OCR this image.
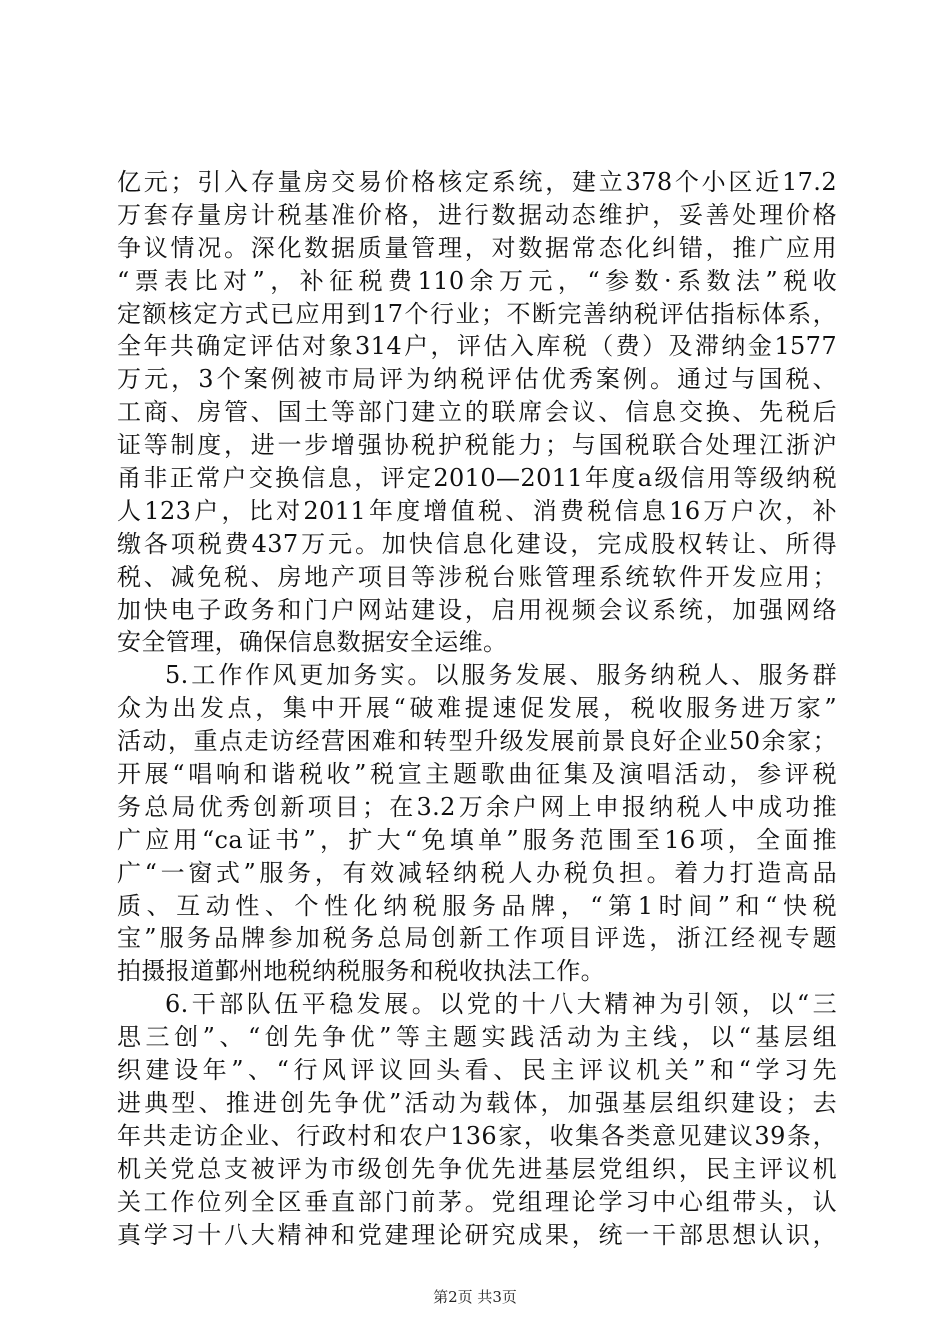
亿元；引入存量房交易价格核定系统，建立378个小区近17.2
万套存量房计税基准价格，进行数据动态维护，妥善处理价格
争议情况。深化数据质量管理，对数据常态化纠错，推广应用
“票表比对”，补征税费110余万元，“参数·系数法”税收
定额核定方式已应用到17个行业；不断完善纳税评估指标体系，
全年共确定评估对象314户，评估入库税（费）及滞纳金1577
万元，3个案例被市局评为纳税评估优秀案例。通过与国税、
工商、房管、国土等部门建立的联席会议、信息交换、先税后
证等制度，进一步增强协税护税能力；与国税联合处理江浙沪
甬非正常户交换信息，评定2010—2011年度a级信用等级纳税
人123户，比对2011年度增值税、消费税信息16万户次，补
缴各项税费437万元。加快信息化建设，完成股权转让、所得
税、减免税、房地产项目等涉税台账管理系统软件开发应用；
加快电子政务和门户网站建设，启用视频会议系统，加强网络
安全管理，确保信息数据安全运维。
5.工作作风更加务实。以服务发展、服务纳税人、服务群
众为出发点，集中开展“破难提速促发展，税收服务进万家”
活动，重点走访经营困难和转型升级发展前景良好企业50余家；
开展“唱响和谐税收”税宣主题歌曲征集及演唱活动，参评税
务总局优秀创新项目；在3.2万余户网上申报纳税人中成功推
广应用“ca证书”，扩大“免填单”服务范围至16项，全面推
广“一窗式”服务，有效减轻纳税人办税负担。着力打造高品
质、互动性、个性化纳税服务品牌，“第1时间”和“快税
宝”服务品牌参加税务总局创新工作项目评选，浙江经视专题
拍摄报道鄞州地税纳税服务和税收执法工作。
6.干部队伍平稳发展。以党的十八大精神为引领，以“三
思三创”、“创先争优”等主题实践活动为主线，以“基层组
织建设年”、“行风评议回头看、民主评议机关”和“学习先
进典型、推进创先争优”活动为载体，加强基层组织建设；去
年共走访企业、行政村和农户136家，收集各类意见建议39条，
机关党总支被评为市级创先争优先进基层党组织，民主评议机
关工作位列全区垂直部门前茅。党组理论学习中心组带头，认
真学习十八大精神和党建理论研究成果，统一干部思想认识，
第2页 共3页
